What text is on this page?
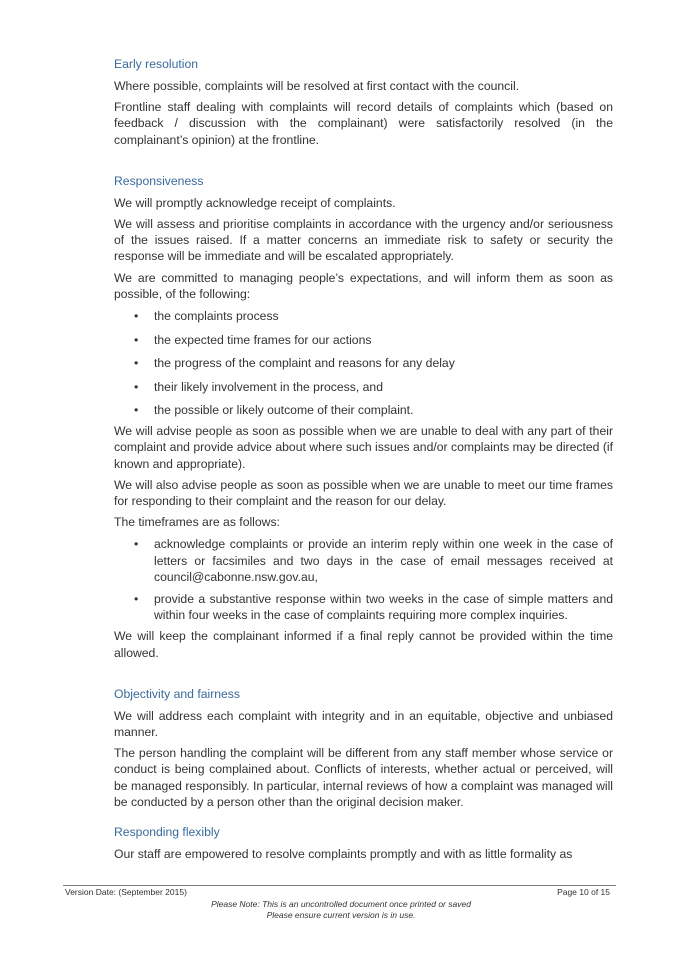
Early resolution

Where possible, complaints will be resolved at first contact with the council.

Frontline staff dealing with complaints will record details of complaints which (based on feedback / discussion with the complainant) were satisfactorily resolved (in the complainant’s opinion) at the frontline.

Responsiveness

We will promptly acknowledge receipt of complaints.

We will assess and prioritise complaints in accordance with the urgency and/or seriousness of the issues raised. If a matter concerns an immediate risk to safety or security the response will be immediate and will be escalated appropriately.

We are committed to managing people’s expectations, and will inform them as soon as possible, of the following:

• the complaints process
• the expected time frames for our actions
• the progress of the complaint and reasons for any delay
• their likely involvement in the process, and
• the possible or likely outcome of their complaint.

We will advise people as soon as possible when we are unable to deal with any part of their complaint and provide advice about where such issues and/or complaints may be directed (if known and appropriate).

We will also advise people as soon as possible when we are unable to meet our time frames for responding to their complaint and the reason for our delay.

The timeframes are as follows:

• acknowledge complaints or provide an interim reply within one week in the case of letters or facsimiles and two days in the case of email messages received at council@cabonne.nsw.gov.au,
• provide a substantive response within two weeks in the case of simple matters and within four weeks in the case of complaints requiring more complex inquiries.

We will keep the complainant informed if a final reply cannot be provided within the time allowed.

Objectivity and fairness

We will address each complaint with integrity and in an equitable, objective and unbiased manner.

The person handling the complaint will be different from any staff member whose service or conduct is being complained about. Conflicts of interests, whether actual or perceived, will be managed responsibly. In particular, internal reviews of how a complaint was managed will be conducted by a person other than the original decision maker.

Responding flexibly

Our staff are empowered to resolve complaints promptly and with as little formality as

Version Date: (September 2015)	Page 10 of 15
Please Note: This is an uncontrolled document once printed or saved
Please ensure current version is in use.
